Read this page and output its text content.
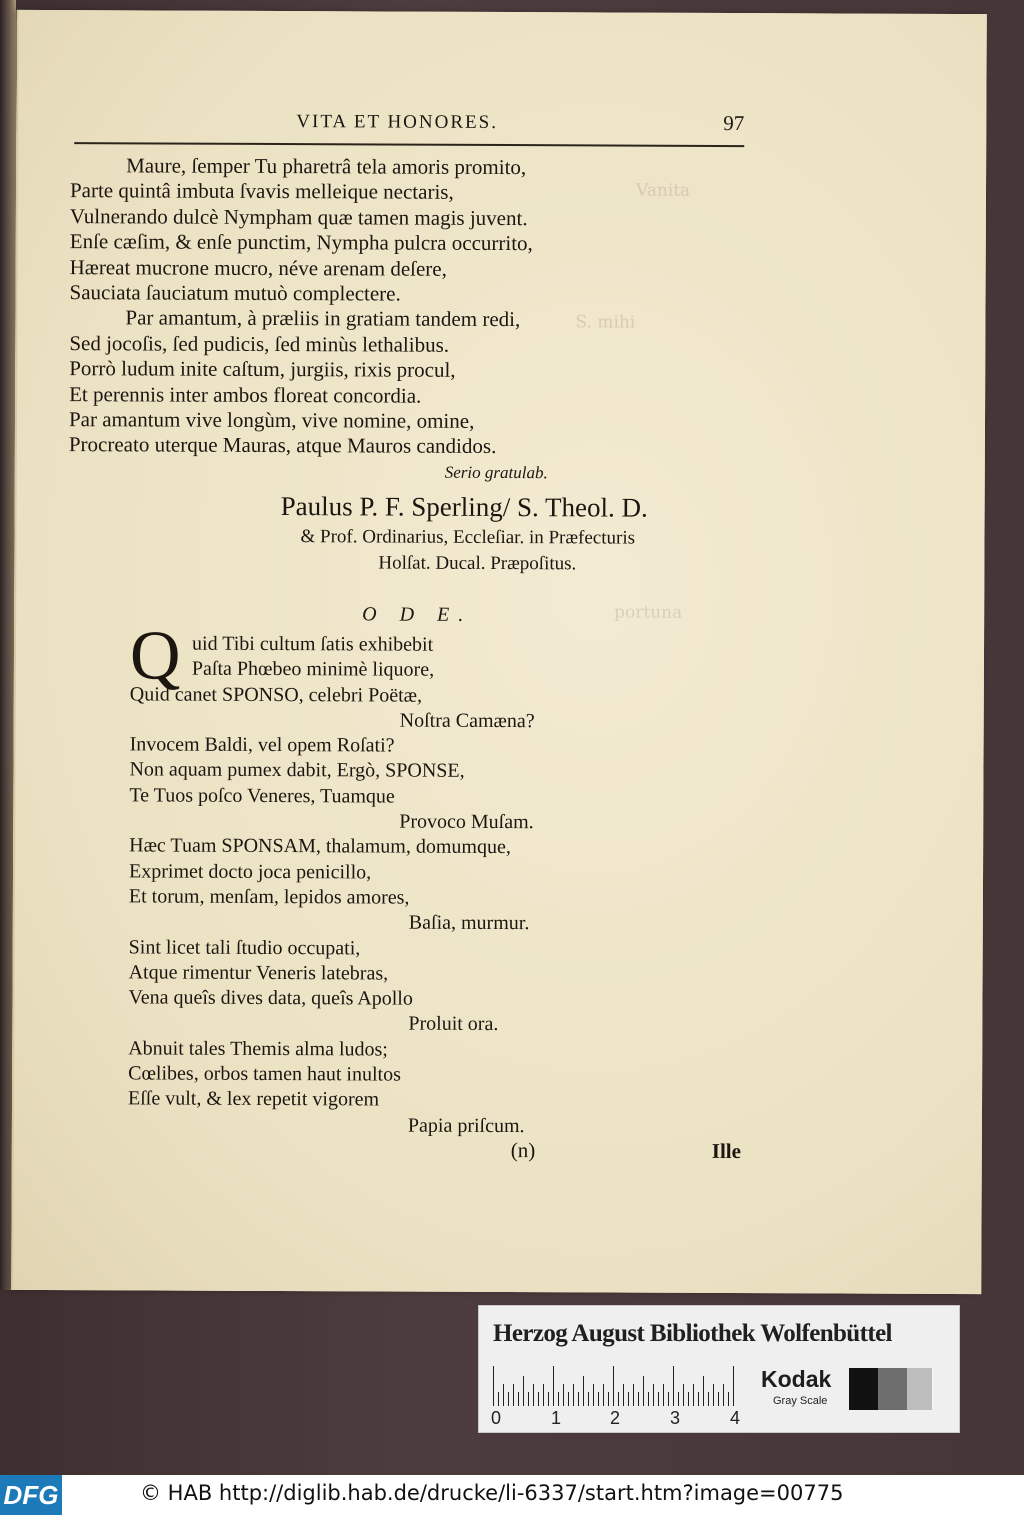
Vanita
S. mihi
portuna
VITA ET HONORES.	97
Maure, ſemper Tu pharetrâ tela amoris promito,
Parte quintâ imbuta ſvavis melleique nectaris,
Vulnerando dulcè Nympham quæ tamen magis juvent.
Enſe cæſim, & enſe punctim, Nympha pulcra occurrito,
Hæreat mucrone mucro, néve arenam deſere,
Sauciata ſauciatum mutuò complectere.
Par amantum, à præliis in gratiam tandem redi,
Sed jocoſis, ſed pudicis, ſed minùs lethalibus.
Porrò ludum inite caſtum, jurgiis, rixis procul,
Et perennis inter ambos floreat concordia.
Par amantum vive longùm, vive nomine, omine,
Procreato uterque Mauras, atque Mauros candidos.
Serio gratulab.
Paulus P. F. Sperling/ S. Theol. D.
& Prof. Ordinarius, Eccleſiar. in Præfecturis
Holſat. Ducal. Præpoſitus.
O D E.
Q uid Tibi cultum ſatis exhibebit
Paſta Phœbeo minimè liquore,
Quid canet SPONSO, celebri Poëtæ,
Noſtra Camæna?
Invocem Baldi, vel opem Roſati?
Non aquam pumex dabit, Ergò, SPONSE,
Te Tuos poſco Veneres, Tuamque
Provoco Muſam.
Hæc Tuam SPONSAM, thalamum, domumque,
Exprimet docto joca penicillo,
Et torum, menſam, lepidos amores,
Baſia, murmur.
Sint licet tali ſtudio occupati,
Atque rimentur Veneris latebras,
Vena queîs dives data, queîs Apollo
Proluit ora.
Abnuit tales Themis alma ludos;
Cœlibes, orbos tamen haut inultos
Eſſe vult, & lex repetit vigorem
Papia priſcum.
(n)	Ille
Herzog August Bibliothek Wolfenbüttel
0	1	2	3	4
Kodak
Gray Scale
DFG	© HAB http://diglib.hab.de/drucke/li-6337/start.htm?image=00775
